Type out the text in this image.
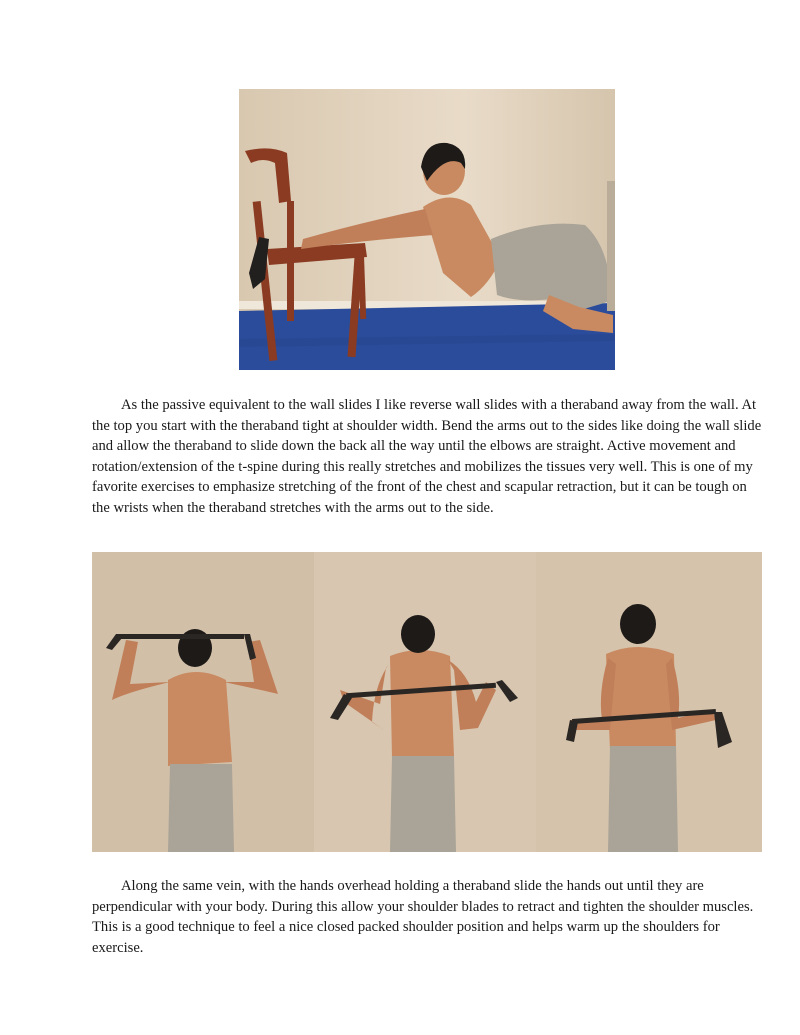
As the passive equivalent to the wall slides I like reverse wall slides with a theraband away from the wall. At the top you start with the theraband tight at shoulder width. Bend the arms out to the sides like doing the wall slide and allow the theraband to slide down the back all the way until the elbows are straight. Active movement and rotation/extension of the t-spine during this really stretches and mobilizes the tissues very well. This is one of my favorite exercises to emphasize stretching of the front of the chest and scapular retraction, but it can be tough on the wrists when the theraband stretches with the arms out to the side.

Along the same vein, with the hands overhead holding a theraband slide the hands out until they are perpendicular with your body. During this allow your shoulder blades to retract and tighten the shoulder muscles. This is a good technique to feel a nice closed packed shoulder position and helps warm up the shoulders for exercise.
